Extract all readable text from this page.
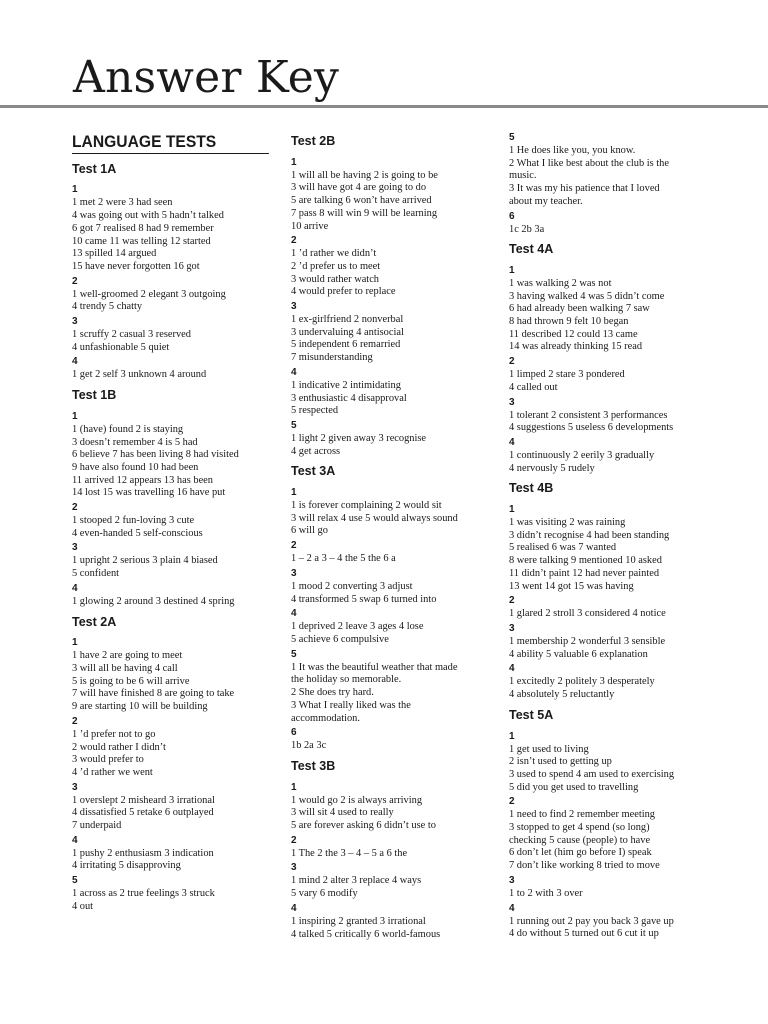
Answer Key
LANGUAGE TESTS
Test 1A
1
1 met 2 were 3 had seen
4 was going out with 5 hadn’t talked
6 got 7 realised 8 had 9 remember
10 came 11 was telling 12 started
13 spilled 14 argued
15 have never forgotten 16 got
2
1 well-groomed 2 elegant 3 outgoing
4 trendy 5 chatty
3
1 scruffy 2 casual 3 reserved
4 unfashionable 5 quiet
4
1 get 2 self 3 unknown 4 around
Test 1B
1
1 (have) found 2 is staying
3 doesn’t remember 4 is 5 had
6 believe 7 has been living 8 had visited
9 have also found 10 had been
11 arrived 12 appears 13 has been
14 lost 15 was travelling 16 have put
2
1 stooped 2 fun-loving 3 cute
4 even-handed 5 self-conscious
3
1 upright 2 serious 3 plain 4 biased
5 confident
4
1 glowing 2 around 3 destined 4 spring
Test 2A
1
1 have 2 are going to meet
3 will all be having 4 call
5 is going to be 6 will arrive
7 will have finished 8 are going to take
9 are starting 10 will be building
2
1 ’d prefer not to go
2 would rather I didn’t
3 would prefer to
4 ’d rather we went
3
1 overslept 2 misheard 3 irrational
4 dissatisfied 5 retake 6 outplayed
7 underpaid
4
1 pushy 2 enthusiasm 3 indication
4 irritating 5 disapproving
5
1 across as 2 true feelings 3 struck
4 out
Test 2B
1
1 will all be having 2 is going to be
3 will have got 4 are going to do
5 are talking 6 won’t have arrived
7 pass 8 will win 9 will be learning
10 arrive
2
1 ’d rather we didn’t
2 ’d prefer us to meet
3 would rather watch
4 would prefer to replace
3
1 ex-girlfriend 2 nonverbal
3 undervaluing 4 antisocial
5 independent 6 remarried
7 misunderstanding
4
1 indicative 2 intimidating
3 enthusiastic 4 disapproval
5 respected
5
1 light 2 given away 3 recognise
4 get across
Test 3A
1
1 is forever complaining 2 would sit
3 will relax 4 use 5 would always sound
6 will go
2
1 – 2 a 3 – 4 the 5 the 6 a
3
1 mood 2 converting 3 adjust
4 transformed 5 swap 6 turned into
4
1 deprived 2 leave 3 ages 4 lose
5 achieve 6 compulsive
5
1 It was the beautiful weather that made
the holiday so memorable.
2 She does try hard.
3 What I really liked was the
accommodation.
6
1b 2a 3c
Test 3B
1
1 would go 2 is always arriving
3 will sit 4 used to really
5 are forever asking 6 didn’t use to
2
1 The 2 the 3 – 4 – 5 a 6 the
3
1 mind 2 alter 3 replace 4 ways
5 vary 6 modify
4
1 inspiring 2 granted 3 irrational
4 talked 5 critically 6 world-famous
5
1 He does like you, you know.
2 What I like best about the club is the
music.
3 It was my his patience that I loved
about my teacher.
6
1c 2b 3a
Test 4A
1
1 was walking 2 was not
3 having walked 4 was 5 didn’t come
6 had already been walking 7 saw
8 had thrown 9 felt 10 began
11 described 12 could 13 came
14 was already thinking 15 read
2
1 limped 2 stare 3 pondered
4 called out
3
1 tolerant 2 consistent 3 performances
4 suggestions 5 useless 6 developments
4
1 continuously 2 eerily 3 gradually
4 nervously 5 rudely
Test 4B
1
1 was visiting 2 was raining
3 didn’t recognise 4 had been standing
5 realised 6 was 7 wanted
8 were talking 9 mentioned 10 asked
11 didn’t paint 12 had never painted
13 went 14 got 15 was having
2
1 glared 2 stroll 3 considered 4 notice
3
1 membership 2 wonderful 3 sensible
4 ability 5 valuable 6 explanation
4
1 excitedly 2 politely 3 desperately
4 absolutely 5 reluctantly
Test 5A
1
1 get used to living
2 isn’t used to getting up
3 used to spend 4 am used to exercising
5 did you get used to travelling
2
1 need to find 2 remember meeting
3 stopped to get 4 spend (so long)
checking 5 cause (people) to have
6 don’t let (him go before I) speak
7 don’t like working 8 tried to move
3
1 to 2 with 3 over
4
1 running out 2 pay you back 3 gave up
4 do without 5 turned out 6 cut it up
